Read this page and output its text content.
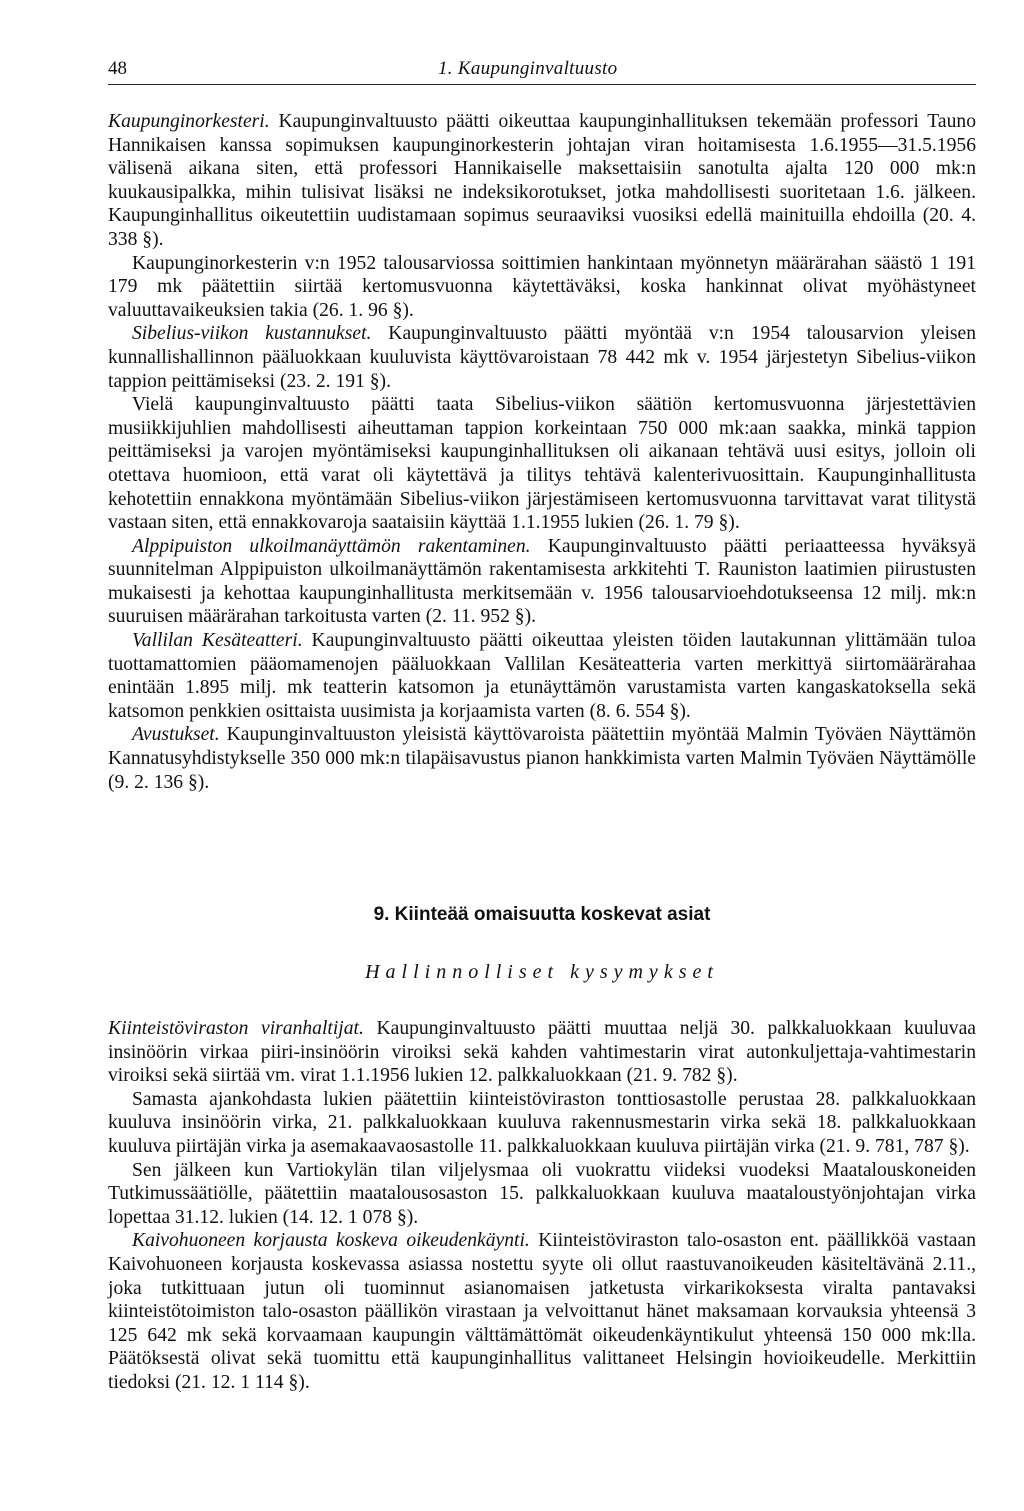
48	1. Kaupunginvaltuusto

Kaupunginorkesteri. Kaupunginvaltuusto päätti oikeuttaa kaupunginhallituksen tekemään professori Tauno Hannikaisen kanssa sopimuksen kaupunginorkesterin johtajan viran hoitamisesta 1.6.1955—31.5.1956 välisenä aikana siten, että professori Hannikaiselle maksettaisiin sanotulta ajalta 120 000 mk:n kuukausipalkka, mihin tulisivat lisäksi ne indeksikorotukset, jotka mahdollisesti suoritetaan 1.6. jälkeen. Kaupunginhallitus oikeutettiin uudistamaan sopimus seuraaviksi vuosiksi edellä mainituilla ehdoilla (20. 4. 338 §).

Kaupunginorkesterin v:n 1952 talousarviossa soittimien hankintaan myönnetyn määrärahan säästö 1 191 179 mk päätettiin siirtää kertomusvuonna käytettäväksi, koska hankinnat olivat myöhästyneet valuuttavaikeuksien takia (26. 1. 96 §).

Sibelius-viikon kustannukset. Kaupunginvaltuusto päätti myöntää v:n 1954 talousarvion yleisen kunnallishallinnon pääluokkaan kuuluvista käyttövaroistaan 78 442 mk v. 1954 järjestetyn Sibelius-viikon tappion peittämiseksi (23. 2. 191 §).

Vielä kaupunginvaltuusto päätti taata Sibelius-viikon säätiön kertomusvuonna järjestettävien musiikkijuhlien mahdollisesti aiheuttaman tappion korkeintaan 750 000 mk:aan saakka, minkä tappion peittämiseksi ja varojen myöntämiseksi kaupunginhallituksen oli aikanaan tehtävä uusi esitys, jolloin oli otettava huomioon, että varat oli käytettävä ja tilitys tehtävä kalenterivuosittain. Kaupunginhallitusta kehotettiin ennakkona myöntämään Sibelius-viikon järjestämiseen kertomusvuonna tarvittavat varat tilitystä vastaan siten, että ennakkovaroja saataisiin käyttää 1.1.1955 lukien (26. 1. 79 §).

Alppipuiston ulkoilmanäyttämön rakentaminen. Kaupunginvaltuusto päätti periaatteessa hyväksyä suunnitelman Alppipuiston ulkoilmanäyttämön rakentamisesta arkkitehti T. Rauniston laatimien piirustusten mukaisesti ja kehottaa kaupunginhallitusta merkitsemään v. 1956 talousarvioehdotukseensa 12 milj. mk:n suuruisen määrärahan tarkoitusta varten (2. 11. 952 §).

Vallilan Kesäteatteri. Kaupunginvaltuusto päätti oikeuttaa yleisten töiden lautakunnan ylittämään tuloa tuottamattomien pääomamenojen pääluokkaan Vallilan Kesäteatteria varten merkittyä siirtomäärärahaa enintään 1.895 milj. mk teatterin katsomon ja etunäyttämön varustamista varten kangaskatoksella sekä katsomon penkkien osittaista uusimista ja korjaamista varten (8. 6. 554 §).

Avustukset. Kaupunginvaltuuston yleisistä käyttövaroista päätettiin myöntää Malmin Työväen Näyttämön Kannatusyhdistykselle 350 000 mk:n tilapäisavustus pianon hankkimista varten Malmin Työväen Näyttämölle (9. 2. 136 §).

9. Kiinteää omaisuutta koskevat asiat
Hallinnolliset kysymykset

Kiinteistöviraston viranhaltijat. Kaupunginvaltuusto päätti muuttaa neljä 30. palkkaluokkaan kuuluvaa insinöörin virkaa piiri-insinöörin viroiksi sekä kahden vahtimestarin virat autonkuljettaja-vahtimestarin viroiksi sekä siirtää vm. virat 1.1.1956 lukien 12. palkkaluokkaan (21. 9. 782 §).

Samasta ajankohdasta lukien päätettiin kiinteistöviraston tonttiosastolle perustaa 28. palkkaluokkaan kuuluva insinöörin virka, 21. palkkaluokkaan kuuluva rakennusmestarin virka sekä 18. palkkaluokkaan kuuluva piirtäjän virka ja asemakaavaosastolle 11. palkkaluokkaan kuuluva piirtäjän virka (21. 9. 781, 787 §).

Sen jälkeen kun Vartiokylän tilan viljelysmaa oli vuokrattu viideksi vuodeksi Maatalouskoneiden Tutkimussäätiölle, päätettiin maatalousosaston 15. palkkaluokkaan kuuluva maataloustyönjohtajan virka lopettaa 31.12. lukien (14. 12. 1 078 §).

Kaivohuoneen korjausta koskeva oikeudenkäynti. Kiinteistöviraston talo-osaston ent. päällikköä vastaan Kaivohuoneen korjausta koskevassa asiassa nostettu syyte oli ollut raastuvanoikeuden käsiteltävänä 2.11., joka tutkittuaan jutun oli tuominnut asianomaisen jatketusta virkarikoksesta viralta pantavaksi kiinteistötoimiston talo-osaston päällikön virastaan ja velvoittanut hänet maksamaan korvauksia yhteensä 3 125 642 mk sekä korvaamaan kaupungin välttämättömät oikeudenkäyntikulut yhteensä 150 000 mk:lla. Päätöksestä olivat sekä tuomittu että kaupunginhallitus valittaneet Helsingin hovioikeudelle. Merkittiin tiedoksi (21. 12. 1 114 §).
